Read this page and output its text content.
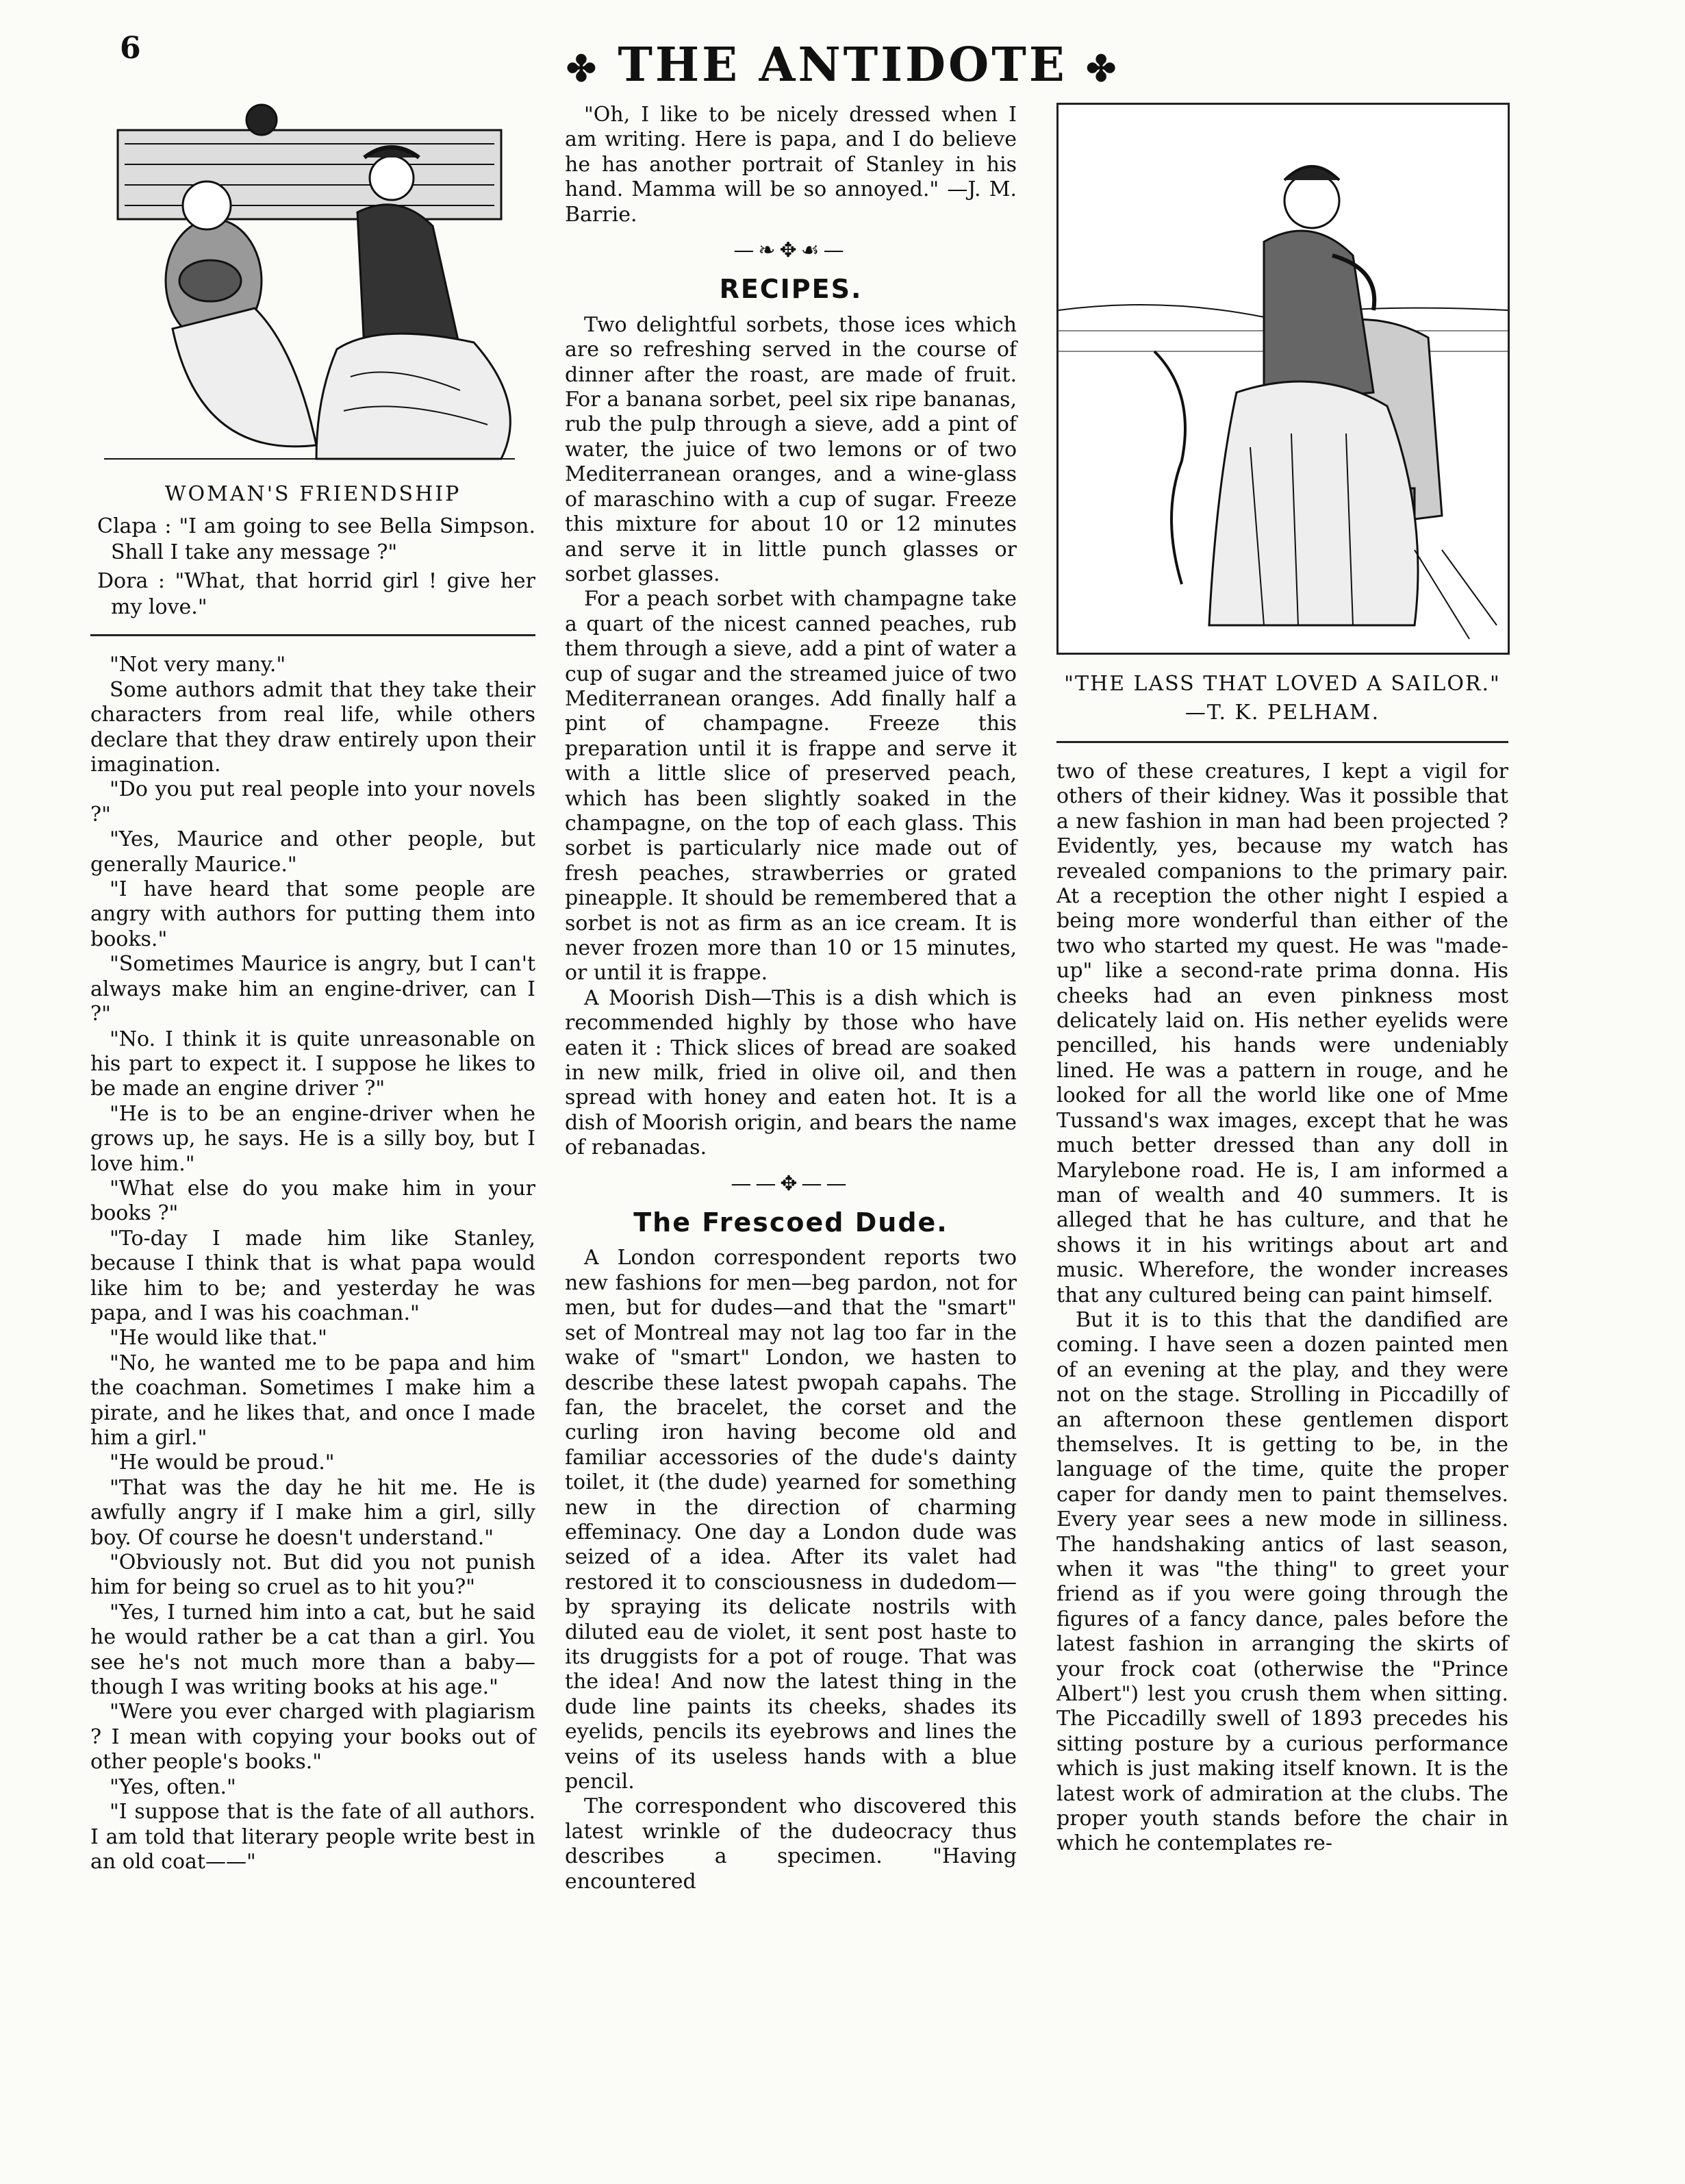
6	✤ THE ANTIDOTE ✤
WOMAN'S FRIENDSHIP
Clapa : "I am going to see Bella Simpson. Shall I take any message ?"
Dora : "What, that horrid girl ! give her my love."

"Not very many."

Some authors admit that they take their characters from real life, while others declare that they draw entirely upon their imagination.

"Do you put real people into your novels ?"

"Yes, Maurice and other people, but generally Maurice."

"I have heard that some people are angry with authors for putting them into books."

"Sometimes Maurice is angry, but I can't always make him an engine-driver, can I ?"

"No. I think it is quite unreasonable on his part to expect it. I suppose he likes to be made an engine driver ?"

"He is to be an engine-driver when he grows up, he says. He is a silly boy, but I love him."

"What else do you make him in your books ?"

"To-day I made him like Stanley, because I think that is what papa would like him to be; and yesterday he was papa, and I was his coachman."

"He would like that."

"No, he wanted me to be papa and him the coachman. Sometimes I make him a pirate, and he likes that, and once I made him a girl."

"He would be proud."

"That was the day he hit me. He is awfully angry if I make him a girl, silly boy. Of course he doesn't understand."

"Obviously not. But did you not punish him for being so cruel as to hit you?"

"Yes, I turned him into a cat, but he said he would rather be a cat than a girl. You see he's not much more than a baby—though I was writing books at his age."

"Were you ever charged with plagiarism ? I mean with copying your books out of other people's books."

"Yes, often."

"I suppose that is the fate of all authors. I am told that literary people write best in an old coat——"

"Oh, I like to be nicely dressed when I am writing. Here is papa, and I do believe he has another portrait of Stanley in his hand. Mamma will be so annoyed." —J. M. Barrie.

—❧✥☙—
RECIPES.

Two delightful sorbets, those ices which are so refreshing served in the course of dinner after the roast, are made of fruit. For a banana sorbet, peel six ripe bananas, rub the pulp through a sieve, add a pint of water, the juice of two lemons or of two Mediterranean oranges, and a wine-glass of maraschino with a cup of sugar. Freeze this mixture for about 10 or 12 minutes and serve it in little punch glasses or sorbet glasses.

For a peach sorbet with champagne take a quart of the nicest canned peaches, rub them through a sieve, add a pint of water a cup of sugar and the streamed juice of two Mediterranean oranges. Add finally half a pint of champagne. Freeze this preparation until it is frappe and serve it with a little slice of preserved peach, which has been slightly soaked in the champagne, on the top of each glass. This sorbet is particularly nice made out of fresh peaches, strawberries or grated pineapple. It should be remembered that a sorbet is not as firm as an ice cream. It is never frozen more than 10 or 15 minutes, or until it is frappe.

A Moorish Dish—This is a dish which is recommended highly by those who have eaten it : Thick slices of bread are soaked in new milk, fried in olive oil, and then spread with honey and eaten hot. It is a dish of Moorish origin, and bears the name of rebanadas.

——✥——
The Frescoed Dude.

A London correspondent reports two new fashions for men—beg pardon, not for men, but for dudes—and that the "smart" set of Montreal may not lag too far in the wake of "smart" London, we hasten to describe these latest pwopah capahs. The fan, the bracelet, the corset and the curling iron having become old and familiar accessories of the dude's dainty toilet, it (the dude) yearned for something new in the direction of charming effeminacy. One day a London dude was seized of a idea. After its valet had restored it to consciousness in dudedom—by spraying its delicate nostrils with diluted eau de violet, it sent post haste to its druggists for a pot of rouge. That was the idea! And now the latest thing in the dude line paints its cheeks, shades its eyelids, pencils its eyebrows and lines the veins of its useless hands with a blue pencil.

The correspondent who discovered this latest wrinkle of the dudeocracy thus describes a specimen. "Having encountered

"THE LASS THAT LOVED A SAILOR."
—T. K. PELHAM.

two of these creatures, I kept a vigil for others of their kidney. Was it possible that a new fashion in man had been projected ? Evidently, yes, because my watch has revealed companions to the primary pair. At a reception the other night I espied a being more wonderful than either of the two who started my quest. He was "made-up" like a second-rate prima donna. His cheeks had an even pinkness most delicately laid on. His nether eyelids were pencilled, his hands were undeniably lined. He was a pattern in rouge, and he looked for all the world like one of Mme Tussand's wax images, except that he was much better dressed than any doll in Marylebone road. He is, I am informed a man of wealth and 40 summers. It is alleged that he has culture, and that he shows it in his writings about art and music. Wherefore, the wonder increases that any cultured being can paint himself.

But it is to this that the dandified are coming. I have seen a dozen painted men of an evening at the play, and they were not on the stage. Strolling in Piccadilly of an afternoon these gentlemen disport themselves. It is getting to be, in the language of the time, quite the proper caper for dandy men to paint themselves. Every year sees a new mode in silliness. The handshaking antics of last season, when it was "the thing" to greet your friend as if you were going through the figures of a fancy dance, pales before the latest fashion in arranging the skirts of your frock coat (otherwise the "Prince Albert") lest you crush them when sitting. The Piccadilly swell of 1893 precedes his sitting posture by a curious performance which is just making itself known. It is the latest work of admiration at the clubs. The proper youth stands before the chair in which he contemplates re-
